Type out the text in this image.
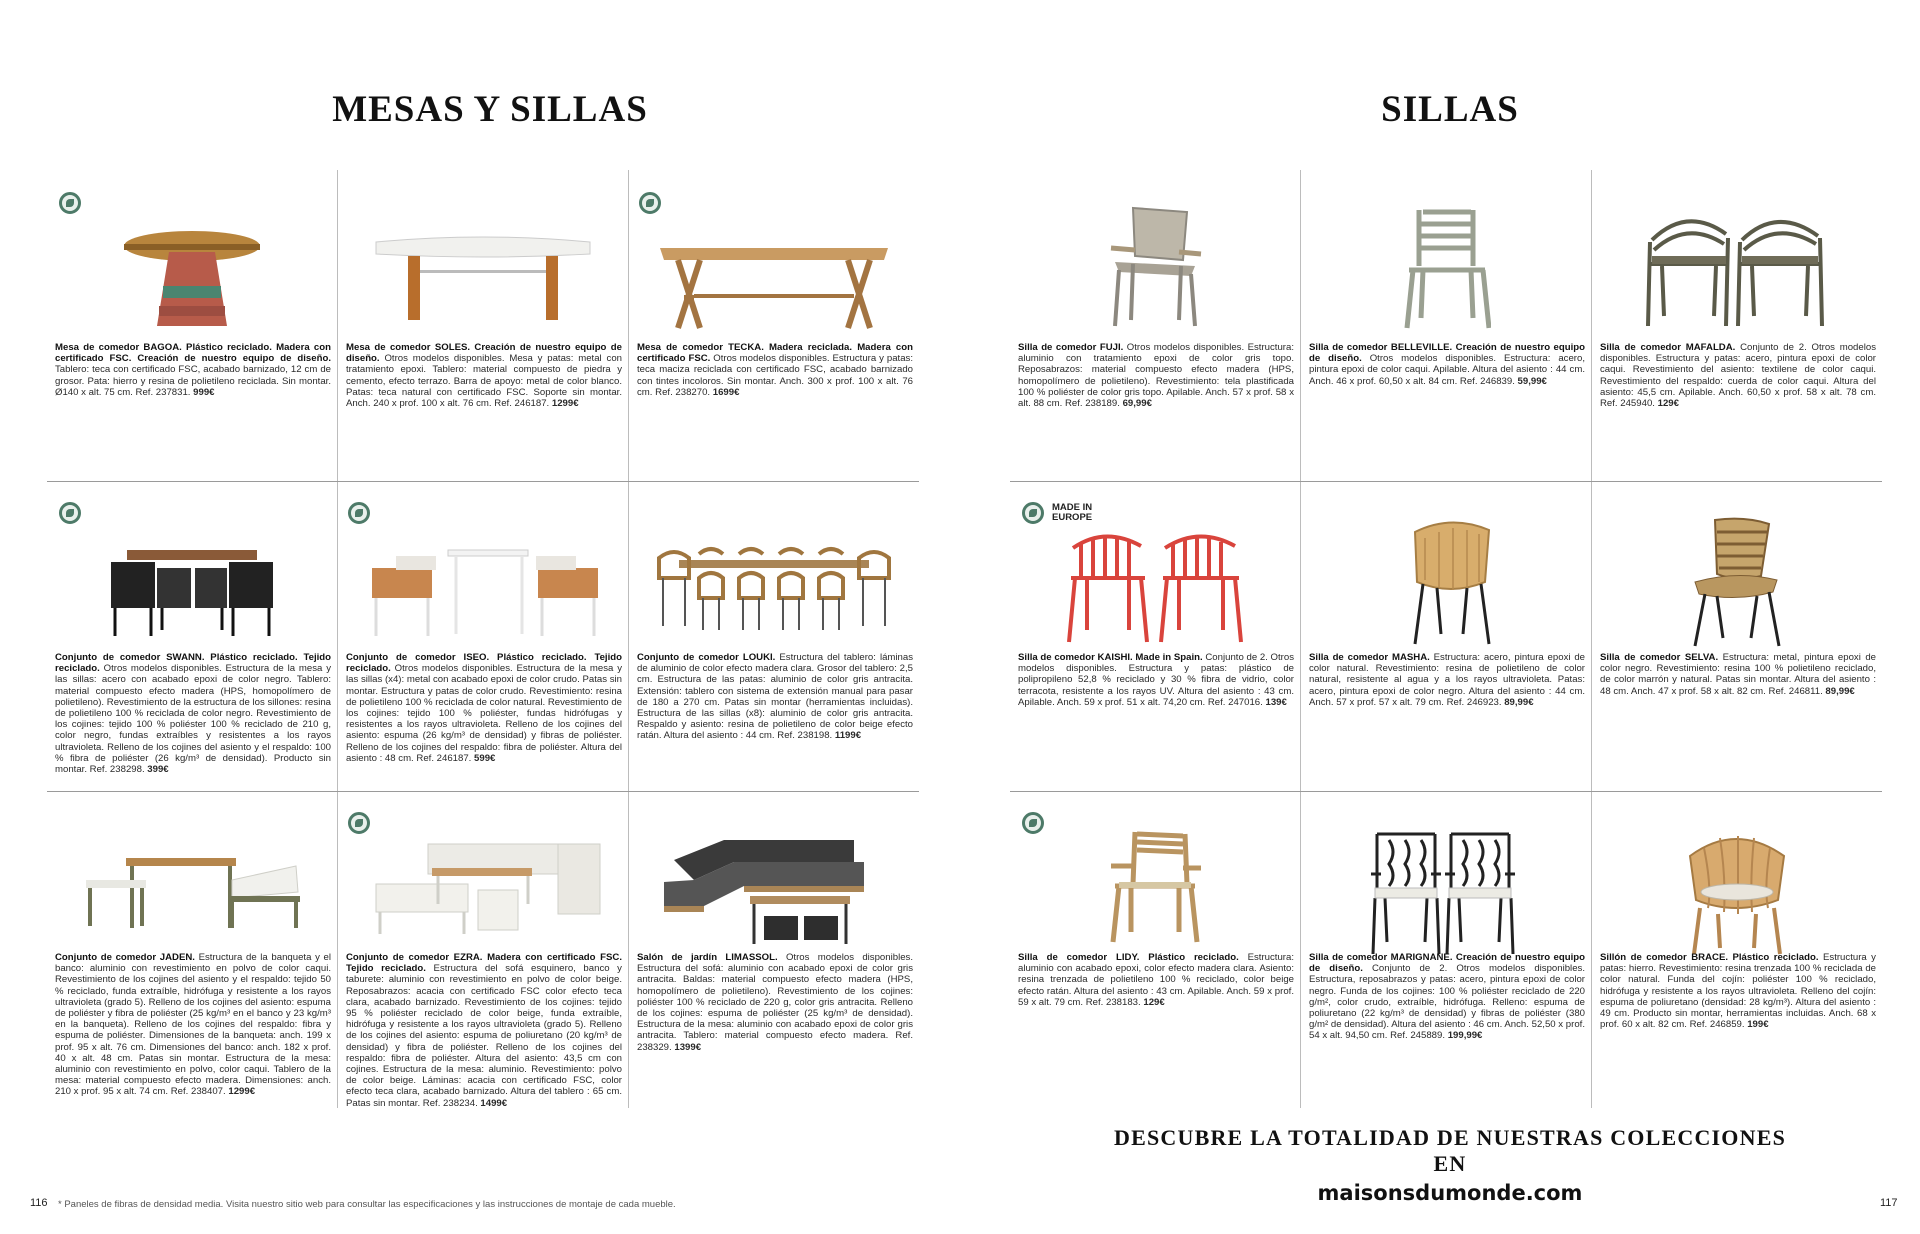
MESAS Y SILLAS	SILLAS

Mesa de comedor BAGOA. Plástico reciclado. Madera con certificado FSC. Creación de nuestro equipo de diseño. Tablero: teca con certificado FSC, acabado barnizado, 12 cm de grosor. Pata: hierro y resina de polietileno reciclada. Sin montar. Ø140 x alt. 75 cm. Ref. 237831. 999€

Mesa de comedor SOLES. Creación de nuestro equipo de diseño. Otros modelos disponibles. Mesa y patas: metal con tratamiento epoxi. Tablero: material compuesto de piedra y cemento, efecto terrazo. Barra de apoyo: metal de color blanco. Patas: teca natural con certificado FSC. Soporte sin montar. Anch. 240 x prof. 100 x alt. 76 cm. Ref. 246187. 1299€

Mesa de comedor TECKA. Madera reciclada. Madera con certificado FSC. Otros modelos disponibles. Estructura y patas: teca maciza reciclada con certificado FSC, acabado barnizado con tintes incoloros. Sin montar. Anch. 300 x prof. 100 x alt. 76 cm. Ref. 238270. 1699€

Conjunto de comedor SWANN. Plástico reciclado. Tejido reciclado. Otros modelos disponibles. Estructura de la mesa y las sillas: acero con acabado epoxi de color negro. Tablero: material compuesto efecto madera (HPS, homopolímero de polietileno). Revestimiento de la estructura de los sillones: resina de polietileno 100 % reciclada de color negro. Revestimiento de los cojines: tejido 100 % poliéster 100 % reciclado de 210 g, color negro, fundas extraíbles y resistentes a los rayos ultravioleta. Relleno de los cojines del asiento y el respaldo: 100 % fibra de poliéster (26 kg/m³ de densidad). Producto sin montar. Ref. 238298. 399€

Conjunto de comedor ISEO. Plástico reciclado. Tejido reciclado. Otros modelos disponibles. Estructura de la mesa y las sillas (x4): metal con acabado epoxi de color crudo. Patas sin montar. Estructura y patas de color crudo. Revestimiento: resina de polietileno 100 % reciclada de color natural. Revestimiento de los cojines: tejido 100 % poliéster, fundas hidrófugas y resistentes a los rayos ultravioleta. Relleno de los cojines del asiento: espuma (26 kg/m³ de densidad) y fibras de poliéster. Relleno de los cojines del respaldo: fibra de poliéster. Altura del asiento : 48 cm. Ref. 246187. 599€

Conjunto de comedor LOUKI. Estructura del tablero: láminas de aluminio de color efecto madera clara. Grosor del tablero: 2,5 cm. Estructura de las patas: aluminio de color gris antracita. Extensión: tablero con sistema de extensión manual para pasar de 180 a 270 cm. Patas sin montar (herramientas incluidas). Estructura de las sillas (x8): aluminio de color gris antracita. Respaldo y asiento: resina de polietileno de color beige efecto ratán. Altura del asiento : 44 cm. Ref. 238198. 1199€

Conjunto de comedor JADEN. Estructura de la banqueta y el banco: aluminio con revestimiento en polvo de color caqui. Revestimiento de los cojines del asiento y el respaldo: tejido 50 % reciclado, funda extraíble, hidrófuga y resistente a los rayos ultravioleta (grado 5). Relleno de los cojines del asiento: espuma de poliéster y fibra de poliéster (25 kg/m³ en el banco y 23 kg/m³ en la banqueta). Relleno de los cojines del respaldo: fibra y espuma de poliéster. Dimensiones de la banqueta: anch. 199 x prof. 95 x alt. 76 cm. Dimensiones del banco: anch. 182 x prof. 40 x alt. 48 cm. Patas sin montar. Estructura de la mesa: aluminio con revestimiento en polvo, color caqui. Tablero de la mesa: material compuesto efecto madera. Dimensiones: anch. 210 x prof. 95 x alt. 74 cm. Ref. 238407. 1299€

Conjunto de comedor EZRA. Madera con certificado FSC. Tejido reciclado. Estructura del sofá esquinero, banco y taburete: aluminio con revestimiento en polvo de color beige. Reposabrazos: acacia con certificado FSC color efecto teca clara, acabado barnizado. Revestimiento de los cojines: tejido 95 % poliéster reciclado de color beige, funda extraíble, hidrófuga y resistente a los rayos ultravioleta (grado 5). Relleno de los cojines del asiento: espuma de poliuretano (20 kg/m³ de densidad) y fibra de poliéster. Relleno de los cojines del respaldo: fibra de poliéster. Altura del asiento: 43,5 cm con cojines. Estructura de la mesa: aluminio. Revestimiento: polvo de color beige. Láminas: acacia con certificado FSC, color efecto teca clara, acabado barnizado. Altura del tablero : 65 cm. Patas sin montar. Ref. 238234. 1499€

Salón de jardín LIMASSOL. Otros modelos disponibles. Estructura del sofá: aluminio con acabado epoxi de color gris antracita. Baldas: material compuesto efecto madera (HPS, homopolímero de polietileno). Revestimiento de los cojines: poliéster 100 % reciclado de 220 g, color gris antracita. Relleno de los cojines: espuma de poliéster (25 kg/m³ de densidad). Estructura de la mesa: aluminio con acabado epoxi de color gris antracita. Tablero: material compuesto efecto madera. Ref. 238329. 1399€

Silla de comedor FUJI. Otros modelos disponibles. Estructura: aluminio con tratamiento epoxi de color gris topo. Reposabrazos: material compuesto efecto madera (HPS, homopolímero de polietileno). Revestimiento: tela plastificada 100 % poliéster de color gris topo. Apilable. Anch. 57 x prof. 58 x alt. 88 cm. Ref. 238189. 69,99€

Silla de comedor BELLEVILLE. Creación de nuestro equipo de diseño. Otros modelos disponibles. Estructura: acero, pintura epoxi de color caqui. Apilable. Altura del asiento : 44 cm. Anch. 46 x prof. 60,50 x alt. 84 cm. Ref. 246839. 59,99€

Silla de comedor MAFALDA. Conjunto de 2. Otros modelos disponibles. Estructura y patas: acero, pintura epoxi de color caqui. Revestimiento del asiento: textilene de color caqui. Revestimiento del respaldo: cuerda de color caqui. Altura del asiento: 45,5 cm. Apilable. Anch. 60,50 x prof. 58 x alt. 78 cm. Ref. 245940. 129€

MADE IN EUROPE

Silla de comedor KAISHI. Made in Spain. Conjunto de 2. Otros modelos disponibles. Estructura y patas: plástico de polipropileno 52,8 % reciclado y 30 % fibra de vidrio, color terracota, resistente a los rayos UV. Altura del asiento : 43 cm. Apilable. Anch. 59 x prof. 51 x alt. 74,20 cm. Ref. 247016. 139€

Silla de comedor MASHA. Estructura: acero, pintura epoxi de color natural. Revestimiento: resina de polietileno de color natural, resistente al agua y a los rayos ultravioleta. Patas: acero, pintura epoxi de color negro. Altura del asiento : 44 cm. Anch. 57 x prof. 57 x alt. 79 cm. Ref. 246923. 89,99€

Silla de comedor SELVA. Estructura: metal, pintura epoxi de color negro. Revestimiento: resina 100 % polietileno reciclado, de color marrón y natural. Patas sin montar. Altura del asiento : 48 cm. Anch. 47 x prof. 58 x alt. 82 cm. Ref. 246811. 89,99€

Silla de comedor LIDY. Plástico reciclado. Estructura: aluminio con acabado epoxi, color efecto madera clara. Asiento: resina trenzada de polietileno 100 % reciclado, color beige efecto ratán. Altura del asiento : 43 cm. Apilable. Anch. 59 x prof. 59 x alt. 79 cm. Ref. 238183. 129€

Silla de comedor MARIGNANE. Creación de nuestro equipo de diseño. Conjunto de 2. Otros modelos disponibles. Estructura, reposabrazos y patas: acero, pintura epoxi de color negro. Funda de los cojines: 100 % poliéster reciclado de 220 g/m², color crudo, extraíble, hidrófuga. Relleno: espuma de poliuretano (22 kg/m³ de densidad) y fibras de poliéster (380 g/m² de densidad). Altura del asiento : 46 cm. Anch. 52,50 x prof. 54 x alt. 94,50 cm. Ref. 245889. 199,99€

Sillón de comedor BRACE. Plástico reciclado. Estructura y patas: hierro. Revestimiento: resina trenzada 100 % reciclada de color natural. Funda del cojín: poliéster 100 % reciclado, hidrófuga y resistente a los rayos ultravioleta. Relleno del cojín: espuma de poliuretano (densidad: 28 kg/m³). Altura del asiento : 49 cm. Producto sin montar, herramientas incluidas. Anch. 68 x prof. 60 x alt. 82 cm. Ref. 246859. 199€

DESCUBRE LA TOTALIDAD DE NUESTRAS COLECCIONES EN
maisonsdumonde.com
116 * Paneles de fibras de densidad media. Visita nuestro sitio web para consultar las especificaciones y las instrucciones de montaje de cada mueble.	117
